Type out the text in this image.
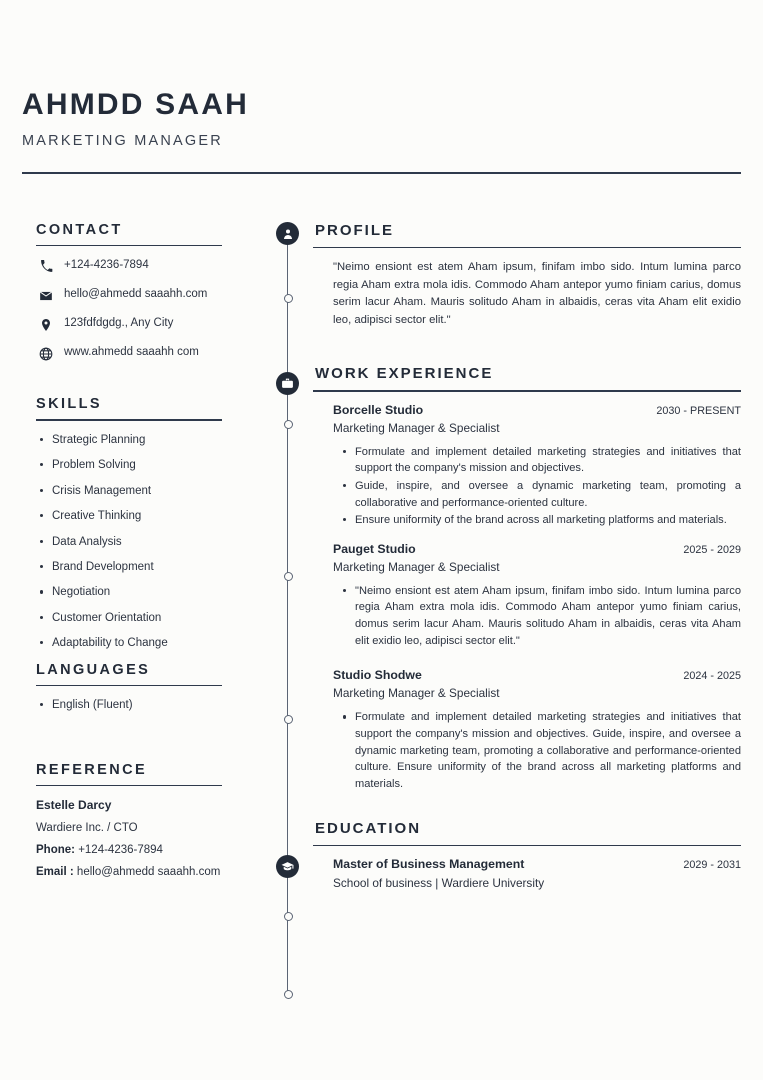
AHMDD SAAH
MARKETING MANAGER
CONTACT
+124-4236-7894
hello@ahmedd saaahh.com
123fdfdgdg., Any City
www.ahmedd saaahh com
SKILLS
Strategic Planning
Problem Solving
Crisis Management
Creative Thinking
Data Analysis
Brand Development
Negotiation
Customer Orientation
Adaptability to Change
LANGUAGES
English (Fluent)
REFERENCE
Estelle Darcy
Wardiere Inc. / CTO
Phone: +124-4236-7894
Email : hello@ahmedd saaahh.com
PROFILE
"Neimo ensiont est atem Aham ipsum, finifam imbo sido. Intum lumina parco regia Aham extra mola idis. Commodo Aham antepor yumo finiam carius, domus serim lacur Aham. Mauris solitudo Aham in albaidis, ceras vita Aham elit exidio leo, adipisci sector elit."
WORK EXPERIENCE
Borcelle Studio	2030 - PRESENT
Marketing Manager & Specialist
Formulate and implement detailed marketing strategies and initiatives that support the company's mission and objectives.
Guide, inspire, and oversee a dynamic marketing team, promoting a collaborative and performance-oriented culture.
Ensure uniformity of the brand across all marketing platforms and materials.
Pauget Studio	2025 - 2029
Marketing Manager & Specialist
"Neimo ensiont est atem Aham ipsum, finifam imbo sido. Intum lumina parco regia Aham extra mola idis. Commodo Aham antepor yumo finiam carius, domus serim lacur Aham. Mauris solitudo Aham in albaidis, ceras vita Aham elit exidio leo, adipisci sector elit."
Studio Shodwe	2024 - 2025
Marketing Manager & Specialist
Formulate and implement detailed marketing strategies and initiatives that support the company's mission and objectives. Guide, inspire, and oversee a dynamic marketing team, promoting a collaborative and performance-oriented culture. Ensure uniformity of the brand across all marketing platforms and materials.
EDUCATION
Master of Business Management	2029 - 2031
School of business | Wardiere University
